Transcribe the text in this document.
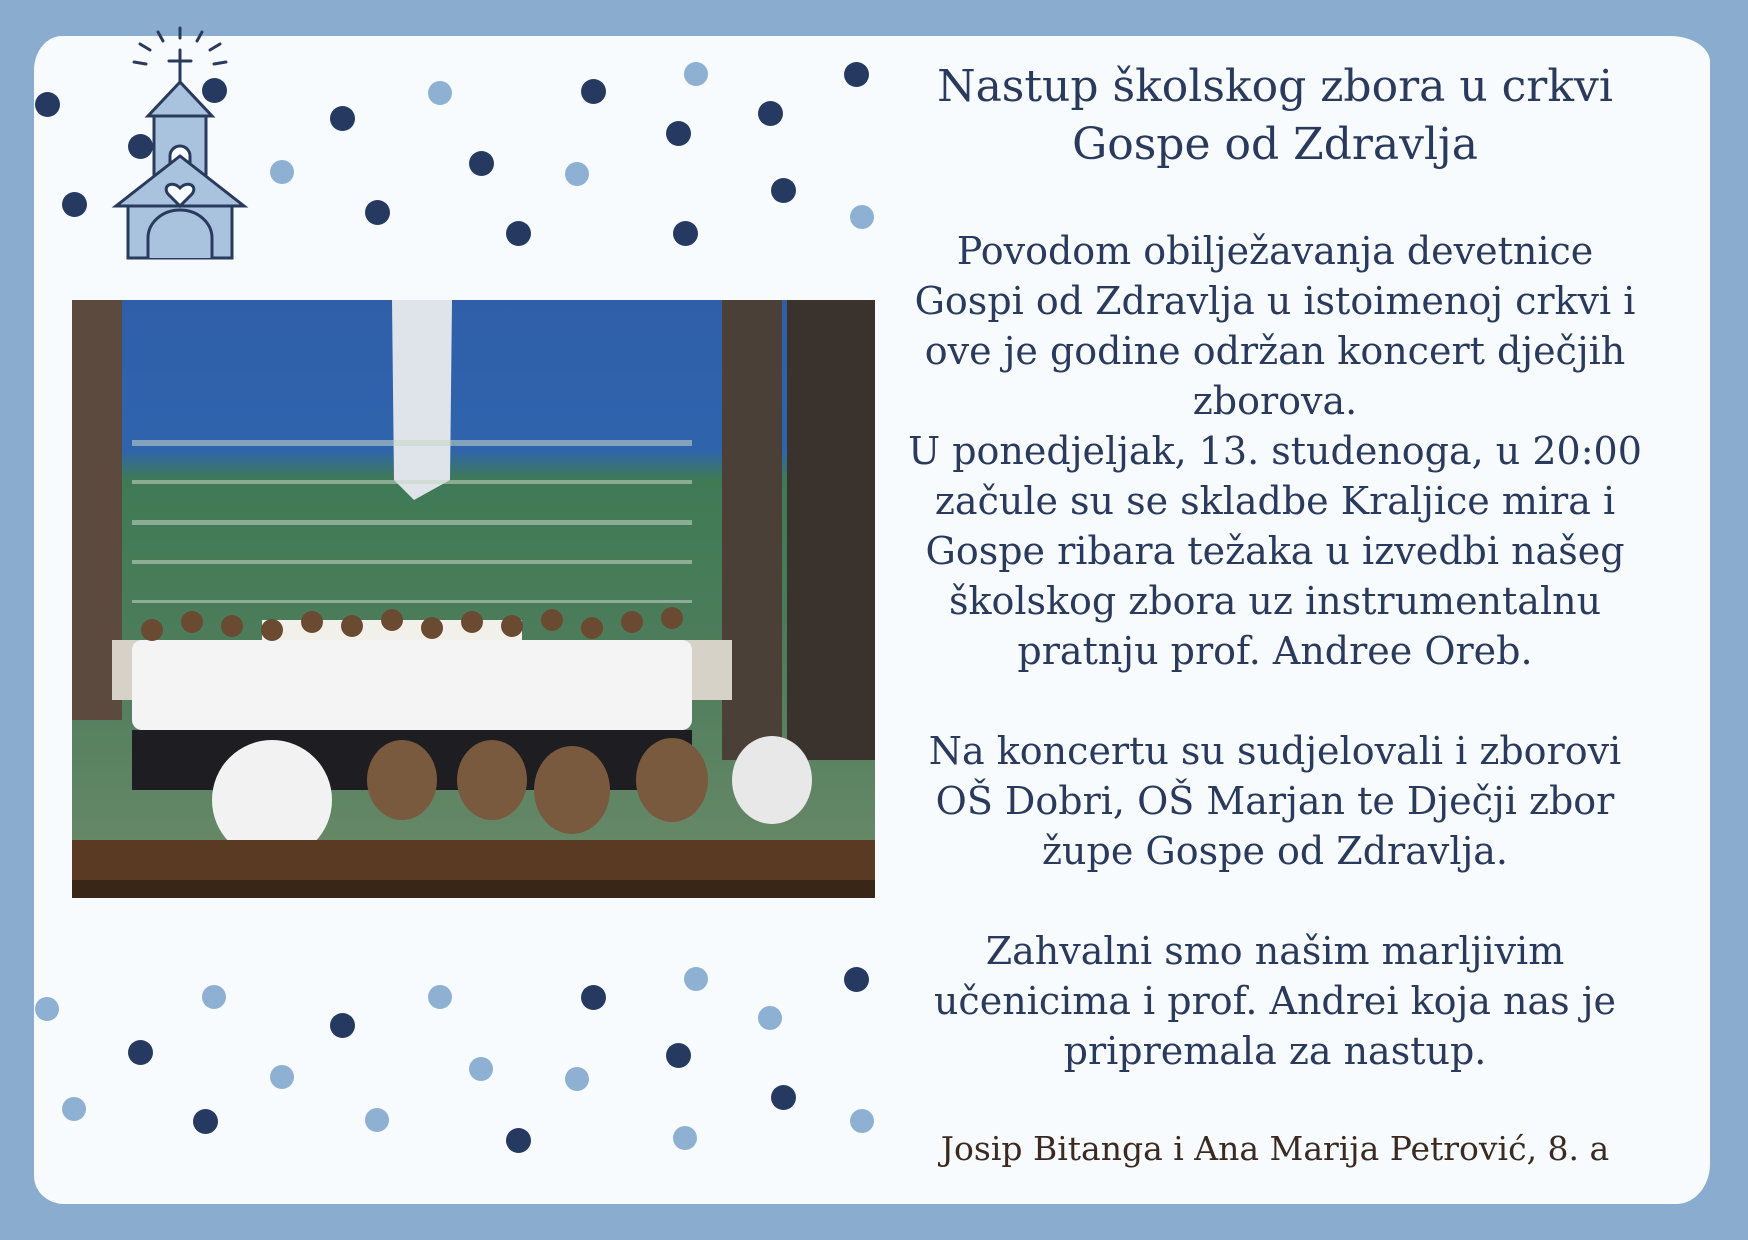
Nastup školskog zbora u crkvi
Gospe od Zdravlja

Povodom obilježavanja devetnice
Gospi od Zdravlja u istoimenoj crkvi i
ove je godine održan koncert dječjih
zborova.
U ponedjeljak, 13. studenoga, u 20:00
začule su se skladbe Kraljice mira i
Gospe ribara težaka u izvedbi našeg
školskog zbora uz instrumentalnu
pratnju prof. Andree Oreb.

Na koncertu su sudjelovali i zborovi
OŠ Dobri, OŠ Marjan te Dječji zbor
župe Gospe od Zdravlja.

Zahvalni smo našim marljivim
učenicima i prof. Andrei koja nas je
pripremala za nastup.

Josip Bitanga i Ana Marija Petrović, 8. a
